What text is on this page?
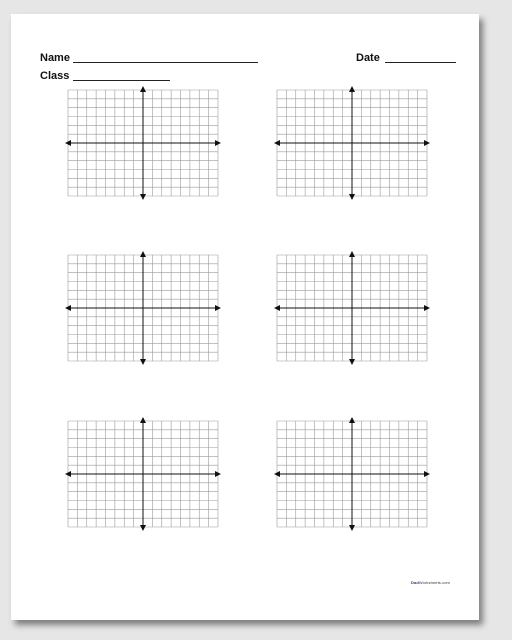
Name	Date
Class
DadWorksheets.com
